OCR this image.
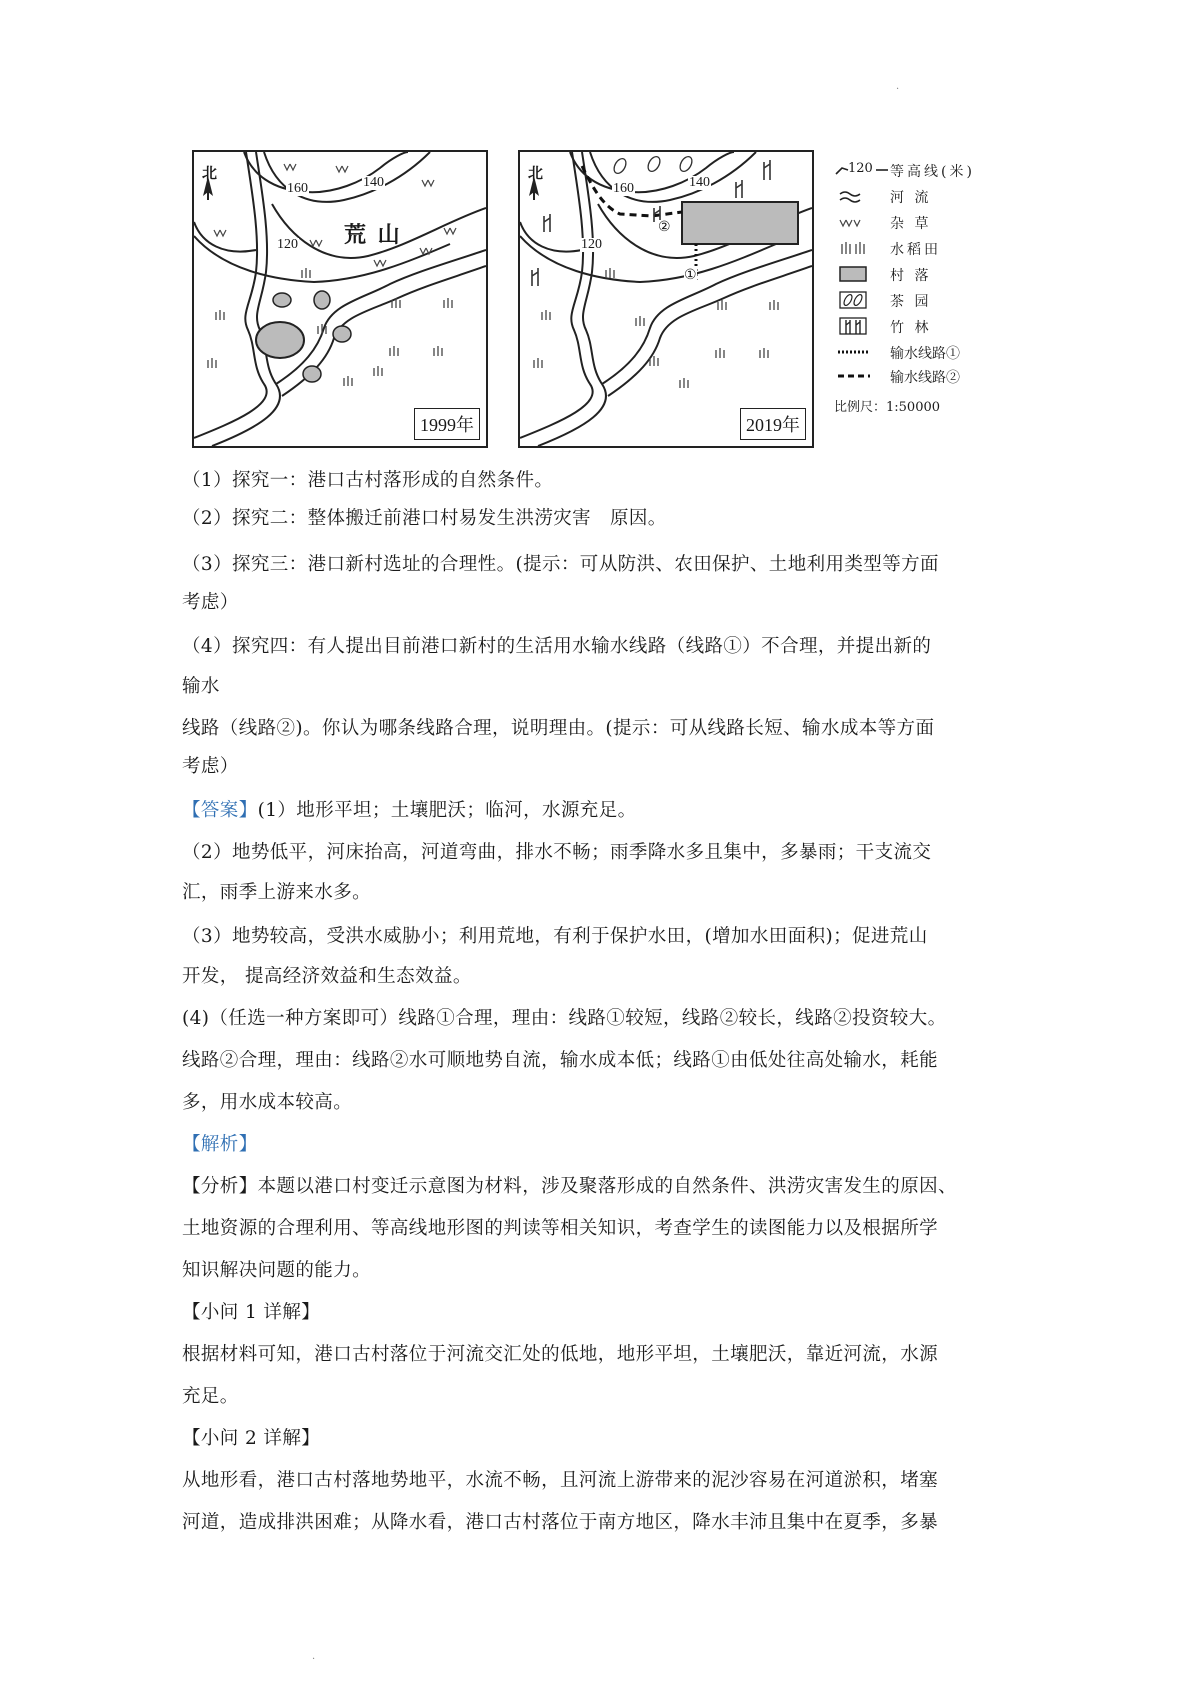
·
北
荒 山
160	140
120
1999年
北
160	140
120
②
①
2019年
120 等高线(米)
河 流
杂 草
水稻田
村 落
茶 园
竹 林
输水线路①
输水线路②
比例尺：1:50000
（1）探究一：港口古村落形成的自然条件。
（2）探究二：整体搬迁前港口村易发生洪涝灾害　原因。
（3）探究三：港口新村选址的合理性。(提示：可从防洪、农田保护、土地利用类型等方面
考虑）
（4）探究四：有人提出目前港口新村的生活用水输水线路（线路①）不合理，并提出新的
输水
线路（线路②)。你认为哪条线路合理，说明理由。(提示：可从线路长短、输水成本等方面
考虑）
【答案】(1）地形平坦；土壤肥沃；临河，水源充足。
（2）地势低平，河床抬高，河道弯曲，排水不畅；雨季降水多且集中，多暴雨；干支流交
汇，雨季上游来水多。
（3）地势较高，受洪水威胁小；利用荒地，有利于保护水田，(增加水田面积)；促进荒山
开发， 提高经济效益和生态效益。
(4)（任选一种方案即可）线路①合理，理由：线路①较短，线路②较长，线路②投资较大。
线路②合理，理由：线路②水可顺地势自流，输水成本低；线路①由低处往高处输水，耗能
多，用水成本较高。
【解析】
【分析】本题以港口村变迁示意图为材料，涉及聚落形成的自然条件、洪涝灾害发生的原因、
土地资源的合理利用、等高线地形图的判读等相关知识，考查学生的读图能力以及根据所学
知识解决问题的能力。
【小问 1 详解】
根据材料可知，港口古村落位于河流交汇处的低地，地形平坦，土壤肥沃，靠近河流，水源
充足。
【小问 2 详解】
从地形看，港口古村落地势地平，水流不畅，且河流上游带来的泥沙容易在河道淤积，堵塞
河道，造成排洪困难；从降水看，港口古村落位于南方地区，降水丰沛且集中在夏季，多暴
·
